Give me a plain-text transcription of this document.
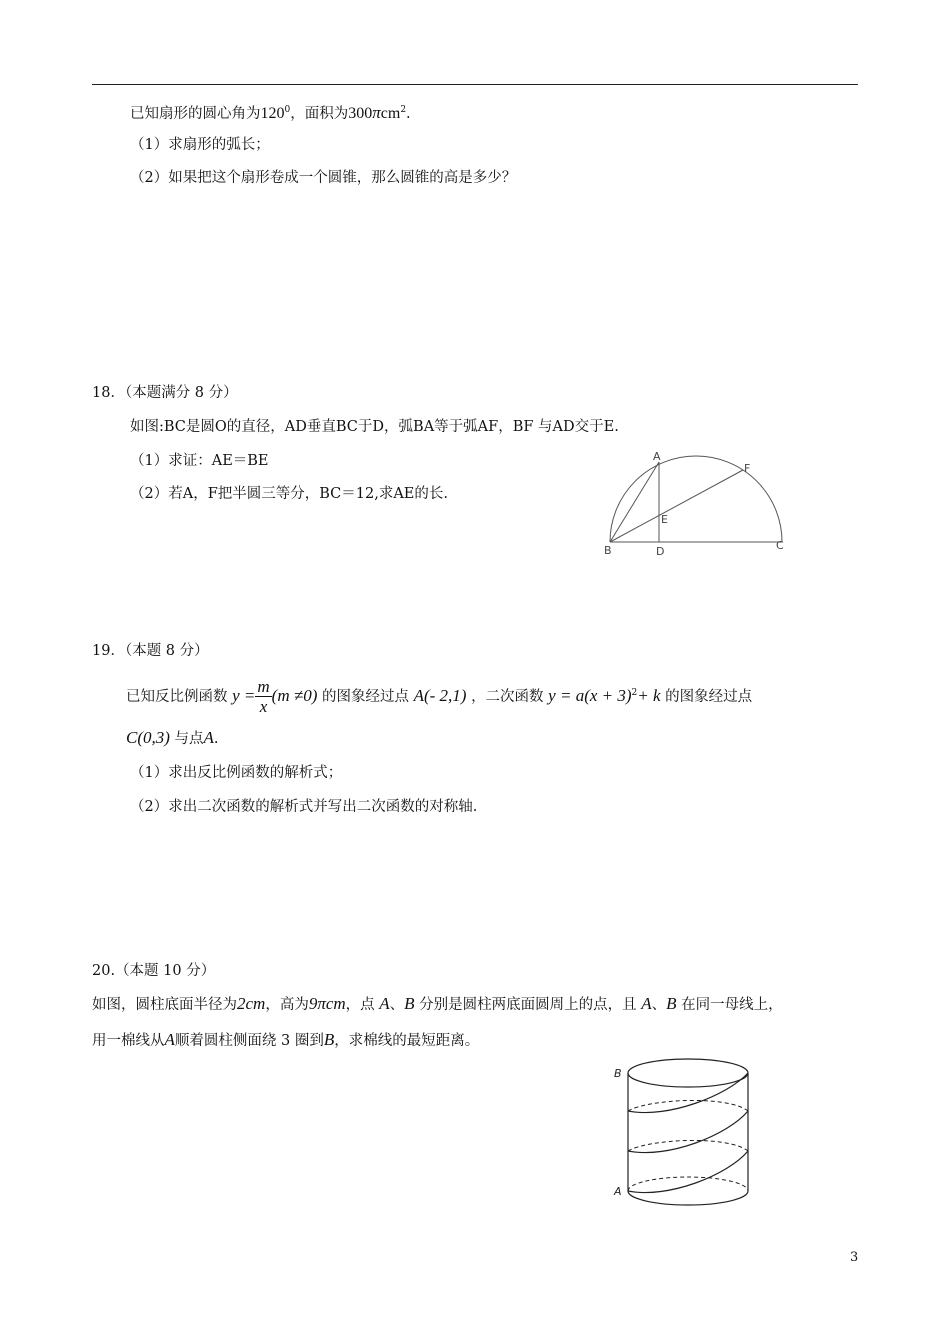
已知扇形的圆心角为$120^0$，面积为300πcm$^2$.
（1）求扇形的弧长；
（2）如果把这个扇形卷成一个圆锥，那么圆锥的高是多少？
18．（本题满分 8 分）
如图:BC是圆O的直径，AD垂直BC于D，弧BA等于弧AF，BF 与AD交于E.
（1）求证：AE＝BE
（2）若A，F把半圆三等分，BC＝12,求AE的长.
A
F
E
B	D	C
19．（本题 8 分）
已知反比例函数 $y = \frac{m}{x} (m \ne 0)$ 的图象经过点 A(- 2,1) ，二次函数 $y = a(x + 3)^2+ k$ 的图象经过点
C(0,3) 与点A.
（1）求出反比例函数的解析式；
（2）求出二次函数的解析式并写出二次函数的对称轴.
20.（本题 10 分）
如图，圆柱底面半径为2cm，高为9πcm，点 A、B 分别是圆柱两底面圆周上的点，且 A、B 在同一母线上，
用一棉线从A顺着圆柱侧面绕 3 圈到B，求棉线的最短距离。
B
A
3
